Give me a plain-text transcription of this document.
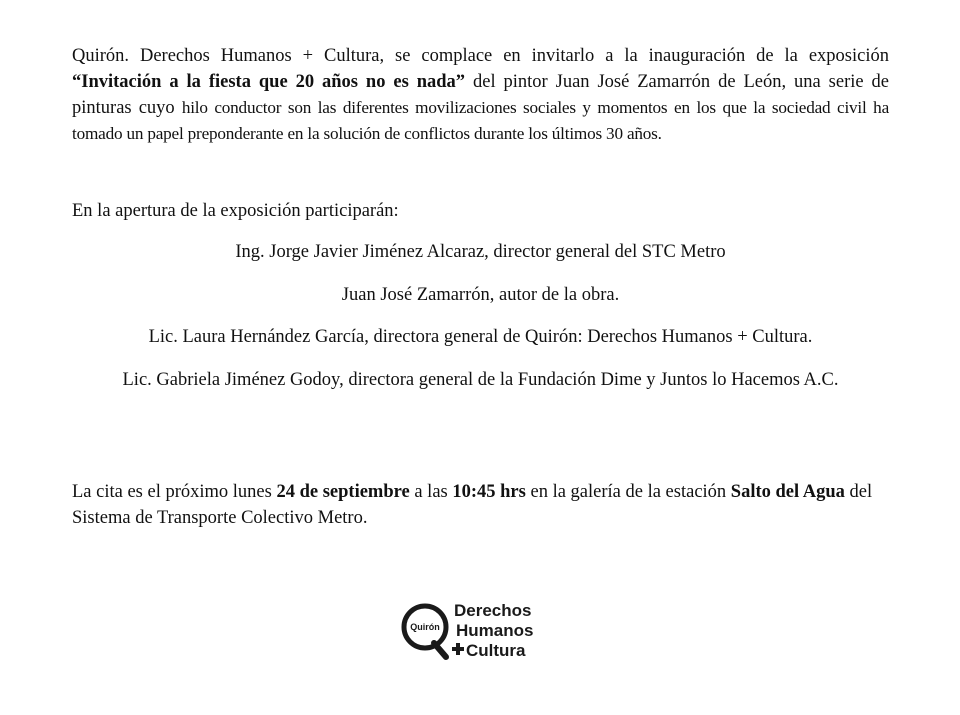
Quirón. Derechos Humanos + Cultura, se complace en invitarlo a la inauguración de la exposición “Invitación a la fiesta que 20 años no es nada” del pintor Juan José Zamarrón de León, una serie de pinturas cuyo hilo conductor son las diferentes movilizaciones sociales y momentos en los que la sociedad civil ha tomado un papel preponderante en la solución de conflictos durante los últimos 30 años.

En la apertura de la exposición participarán:

Ing. Jorge Javier Jiménez Alcaraz, director general del STC Metro
Juan José Zamarrón, autor de la obra.
Lic. Laura Hernández García, directora general de Quirón: Derechos Humanos + Cultura.
Lic. Gabriela Jiménez Godoy, directora general de la Fundación Dime y Juntos lo Hacemos A.C.

La cita es el próximo lunes 24 de septiembre a las 10:45 hrs en la galería de la estación Salto del Agua del Sistema de Transporte Colectivo Metro.

Quirón
Derechos
Humanos
Cultura
